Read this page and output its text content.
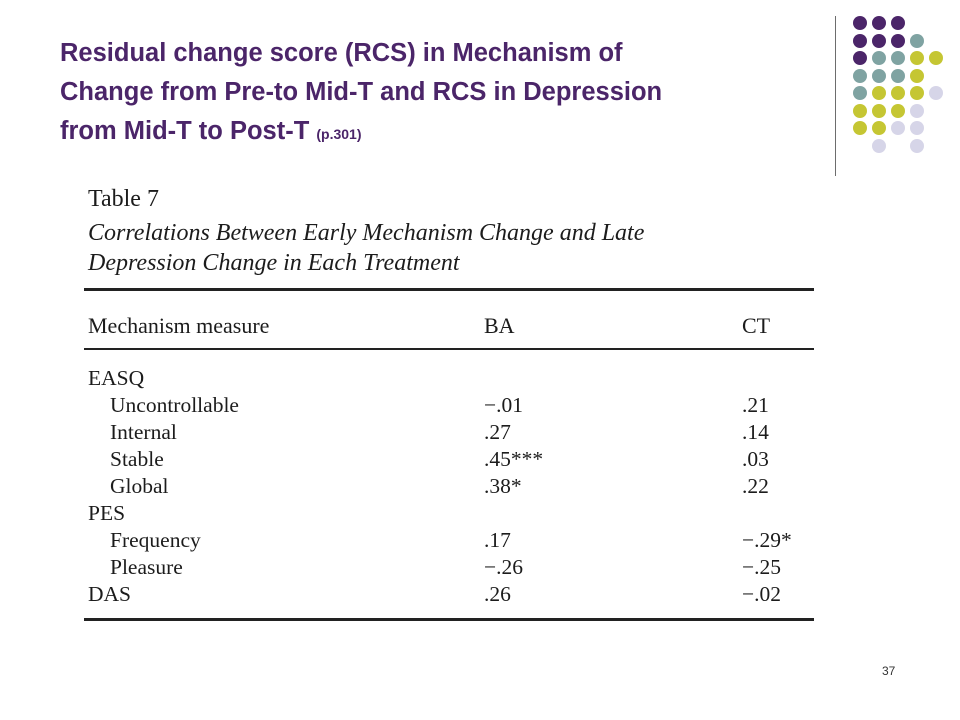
Residual change score (RCS) in Mechanism of
Change from Pre-to Mid-T and RCS in Depression
from Mid-T to Post-T (p.301)
Table 7
Correlations Between Early Mechanism Change and Late
Depression Change in Each Treatment
Mechanism measure	BA	CT
EASQ
Uncontrollable	−.01	.21
Internal	.27	.14
Stable	.45***	.03
Global	.38*	.22
PES
Frequency	.17	−.29*
Pleasure	−.26	−.25
DAS	.26	−.02
37
